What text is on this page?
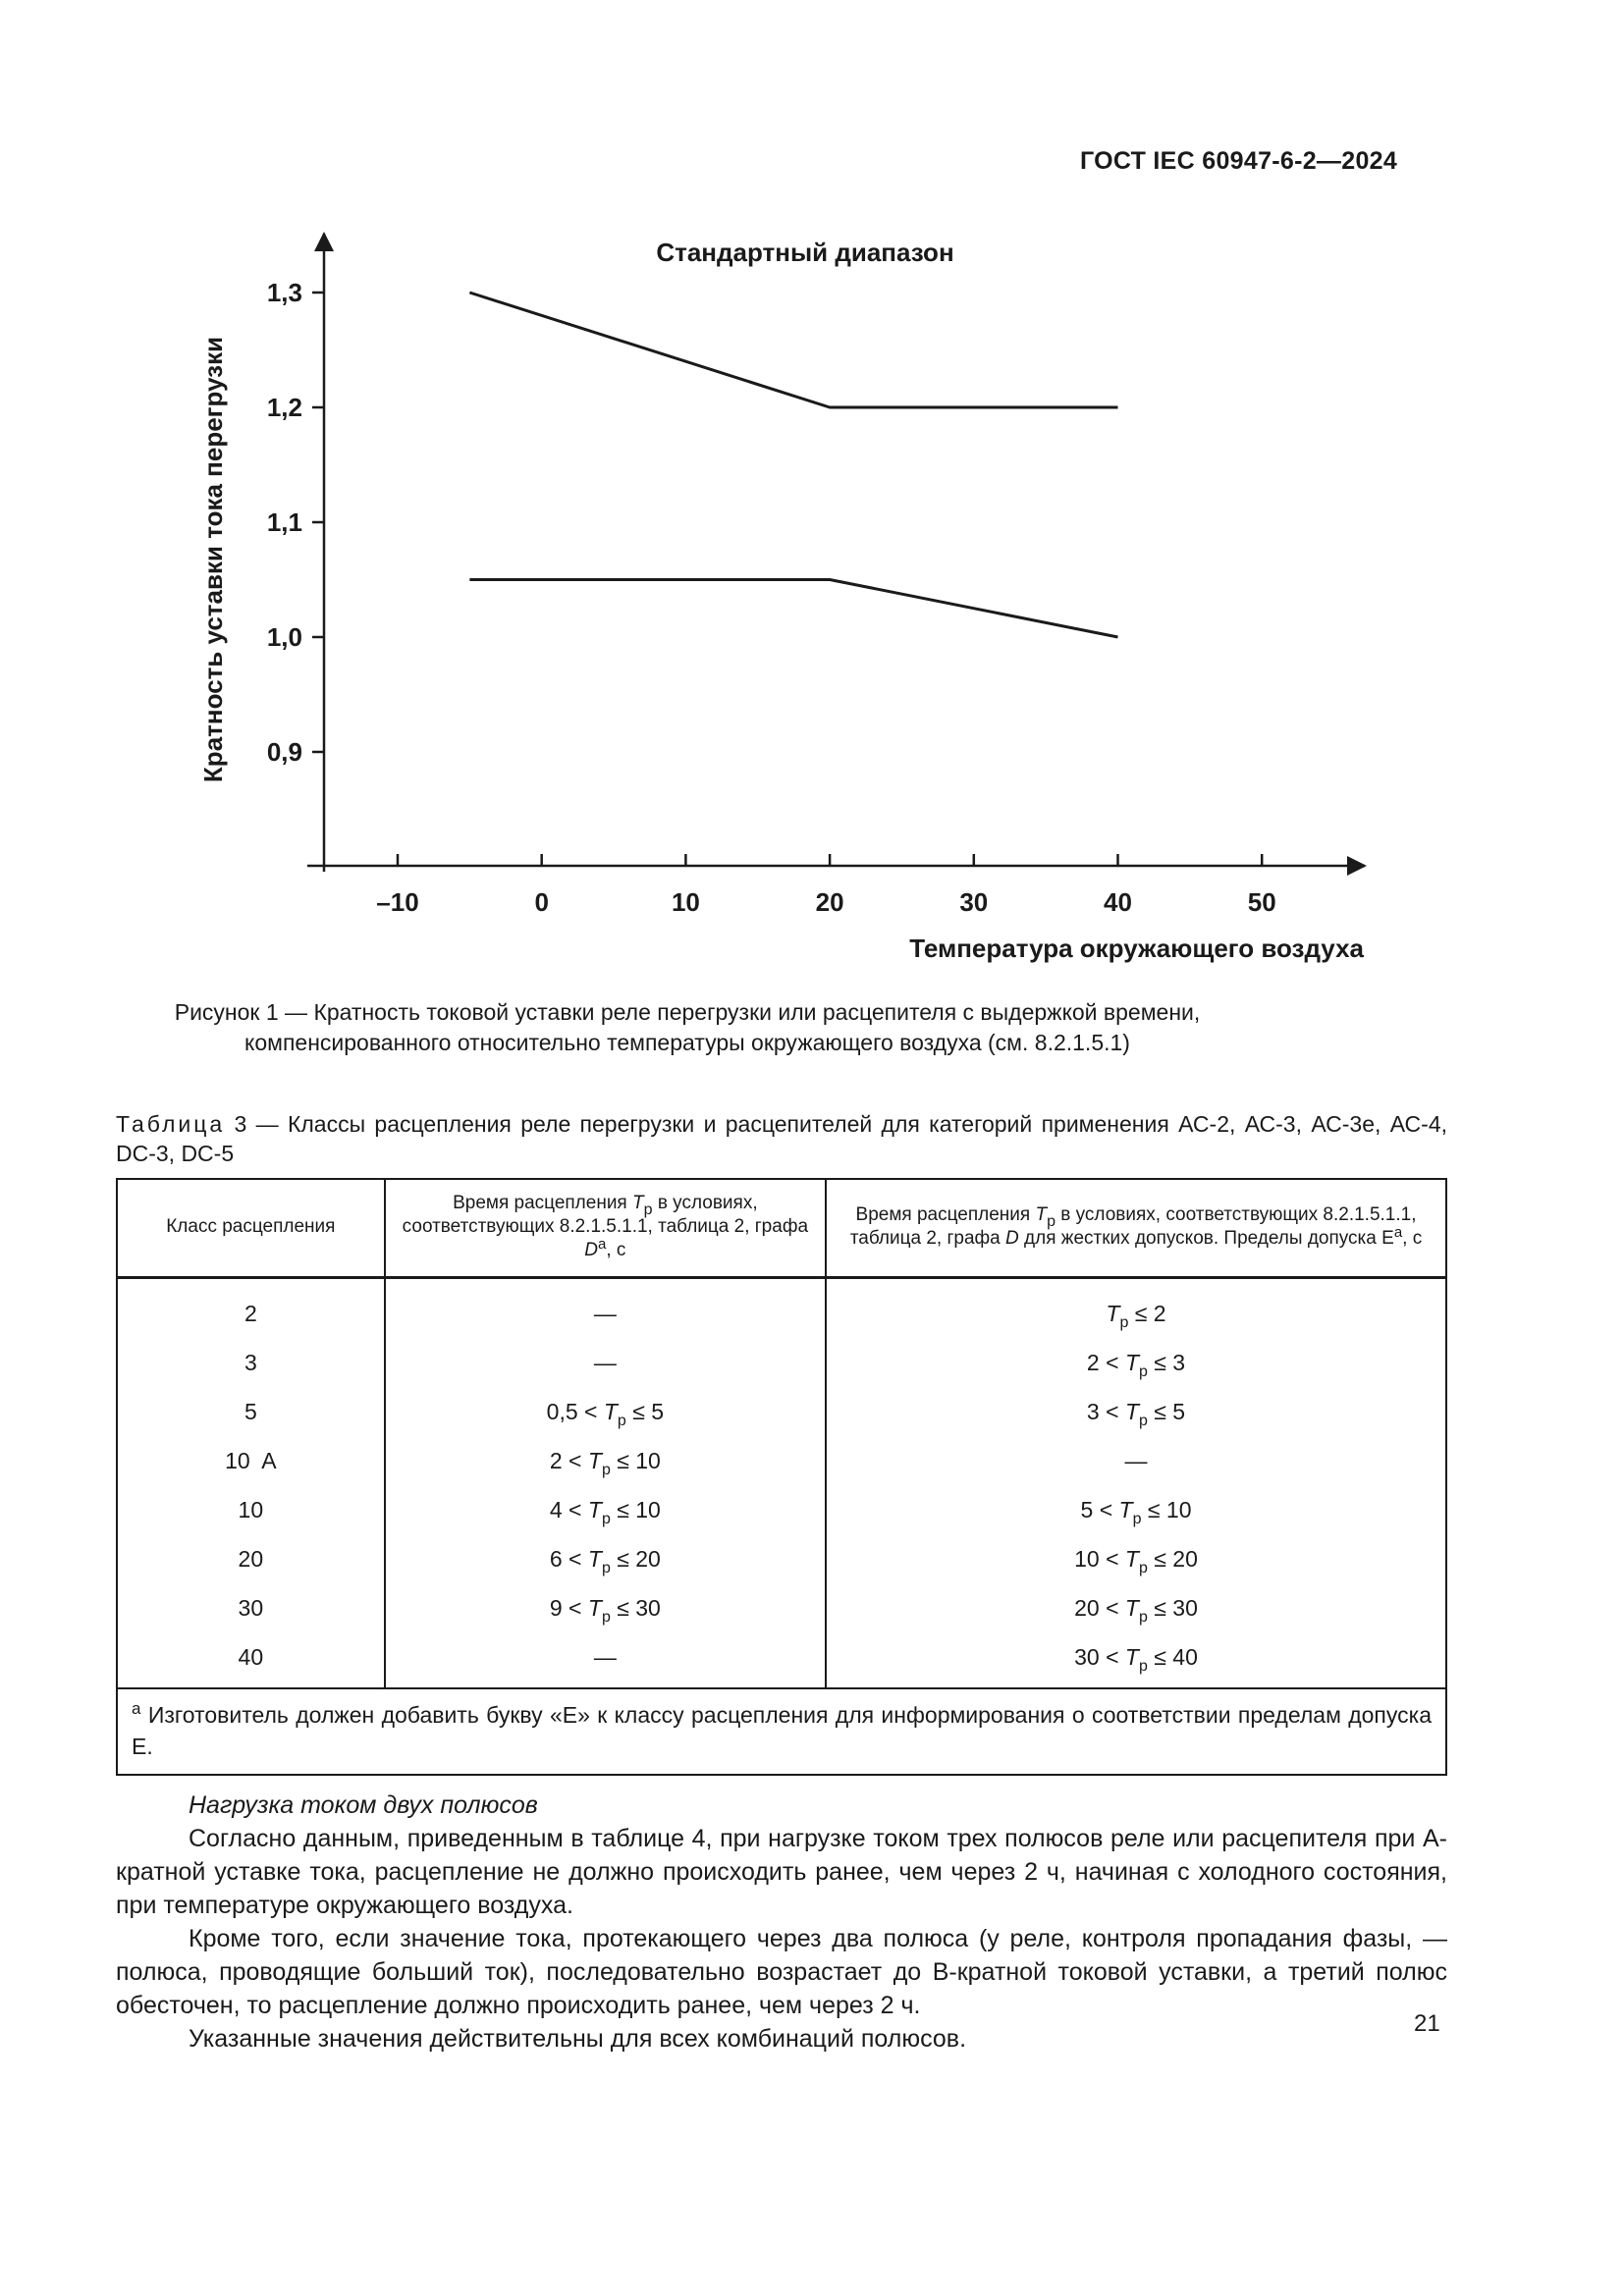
ГОСТ IEC 60947-6-2—2024
0,9
1,0
1,1
1,2
1,3
–10	0	10	20	30	40	50
Стандартный диапазон
Температура окружающего воздуха
Кратность уставки тока перегрузки
Рисунок 1 — Кратность токовой уставки реле перегрузки или расцепителя с выдержкой времени,
компенсированного относительно температуры окружающего воздуха (см. 8.2.1.5.1)
Таблица 3 — Классы расцепления реле перегрузки и расцепителей для категорий применения АС-2, АС-3, АС-3е, АС-4, DC-3, DC-5
Класс расцепления	Время расцепления $T_р$ в условиях, соответствующих 8.2.1.5.1.1, таблица 2, графа $D^a$, с	Время расцепления $T_р$ в условиях, соответствующих 8.2.1.5.1.1, таблица 2, графа D для жестких допусков. Пределы допуска $Е^a$, с
2	—	$T_р \le 2$
3	—	$2 < T_р \le 3$
5	$0,5 < T_р \le 5$	$3 < T_р \le 5$
10  A	$2 < T_р \le 10$	—
10	$4 < T_р \le 10$	$5 < T_р \le 10$
20	$6 < T_р \le 20$	$10 < T_р \le 20$
30	$9 < T_р \le 30$	$20 < T_р \le 30$
40	—	$30 < T_р \le 40$
$^a$ Изготовитель должен добавить букву «Е» к классу расцепления для информирования о соответствии пределам допуска Е.		

Нагрузка током двух полюсов

Согласно данным, приведенным в таблице 4, при нагрузке током трех полюсов реле или расцепителя при А-кратной уставке тока, расцепление не должно происходить ранее, чем через 2 ч, начиная с холодного состояния, при температуре окружающего воздуха.

Кроме того, если значение тока, протекающего через два полюса (у реле, контроля пропадания фазы, — полюса, проводящие больший ток), последовательно возрастает до В-кратной токовой уставки, а третий полюс обесточен, то расцепление должно происходить ранее, чем через 2 ч.

Указанные значения действительны для всех комбинаций полюсов.

21
